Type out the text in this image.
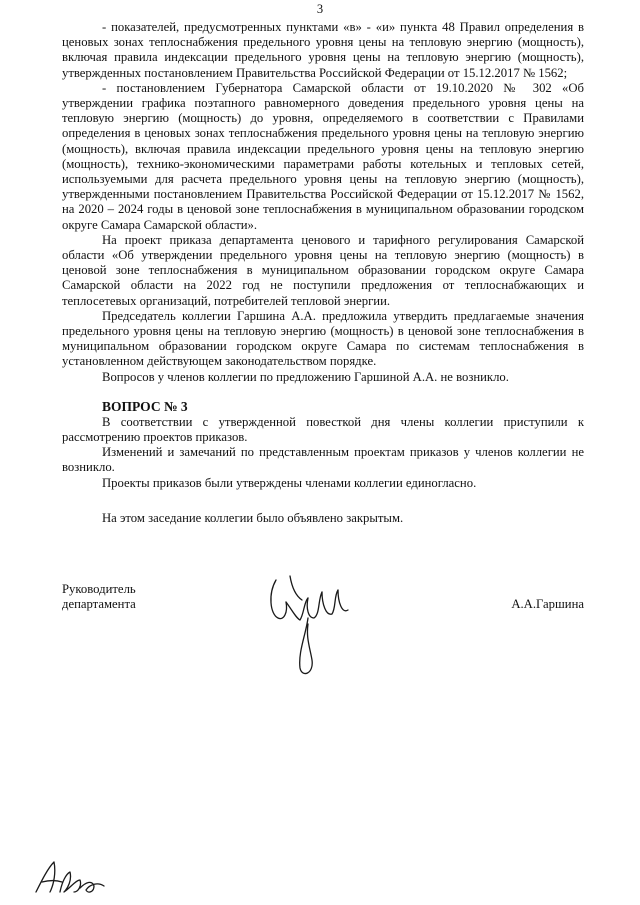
3

- показателей, предусмотренных пунктами «в» - «и» пункта 48 Правил определения в ценовых зонах теплоснабжения предельного уровня цены на тепловую энергию (мощность), включая правила индексации предельного уровня цены на тепловую энергию (мощность), утвержденных постановлением Правительства Российской Федерации от 15.12.2017 № 1562;

- постановлением Губернатора Самарской области от 19.10.2020 № 302 «Об утверждении графика поэтапного равномерного доведения предельного уровня цены на тепловую энергию (мощность) до уровня, определяемого в соответствии с Правилами определения в ценовых зонах теплоснабжения предельного уровня цены на тепловую энергию (мощность), включая правила индексации предельного уровня цены на тепловую энергию (мощность), технико-экономическими параметрами работы котельных и тепловых сетей, используемыми для расчета предельного уровня цены на тепловую энергию (мощность), утвержденными постановлением Правительства Российской Федерации от 15.12.2017 № 1562, на 2020 – 2024 годы в ценовой зоне теплоснабжения в муниципальном образовании городском округе Самара Самарской области».

На проект приказа департамента ценового и тарифного регулирования Самарской области «Об утверждении предельного уровня цены на тепловую энергию (мощность) в ценовой зоне теплоснабжения в муниципальном образовании городском округе Самара Самарской области на 2022 год не поступили предложения от теплоснабжающих и теплосетевых организаций, потребителей тепловой энергии.

Председатель коллегии Гаршина А.А. предложила утвердить предлагаемые значения предельного уровня цены на тепловую энергию (мощность) в ценовой зоне теплоснабжения в муниципальном образовании городском округе Самара по системам теплоснабжения в установленном действующем законодательством порядке.

Вопросов у членов коллегии по предложению Гаршиной А.А. не возникло.

ВОПРОС № 3

В соответствии с утвержденной повесткой дня члены коллегии приступили к рассмотрению проектов приказов.

Изменений и замечаний по представленным проектам приказов у членов коллегии не возникло.

Проекты приказов были утверждены членами коллегии единогласно.

На этом заседание коллегии было объявлено закрытым.

Руководитель
департамента	А.А.Гаршина
